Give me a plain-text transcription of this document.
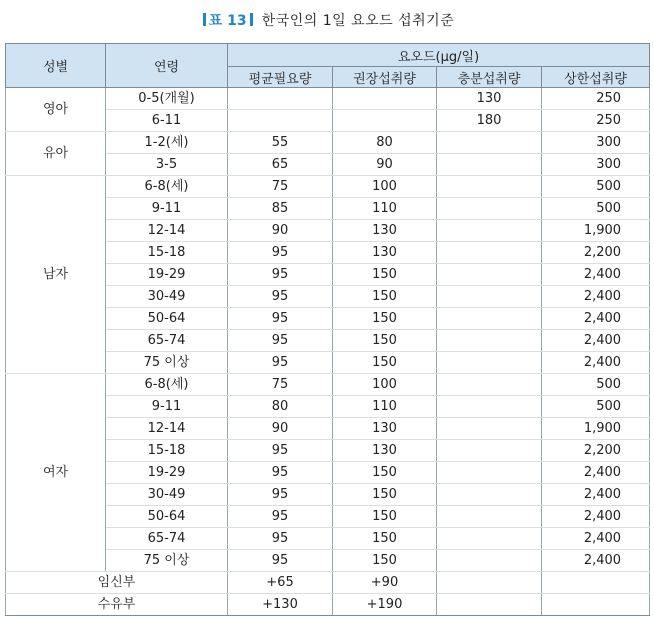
표 13 한국인의 1일 요오드 섭취기준
성별	연령	요오드(μg/일)			
		평균필요량	권장섭취량	충분섭취량	상한섭취량
영아	0-5(개월)			130	250
	6-11			180	250
유아	1-2(세)	55	80		300
	3-5	65	90		300
남자	6-8(세)	75	100		500
	9-11	85	110		500
	12-14	90	130		1,900
	15-18	95	130		2,200
	19-29	95	150		2,400
	30-49	95	150		2,400
	50-64	95	150		2,400
	65-74	95	150		2,400
	75 이상	95	150		2,400
여자	6-8(세)	75	100		500
	9-11	80	110		500
	12-14	90	130		1,900
	15-18	95	130		2,200
	19-29	95	150		2,400
	30-49	95	150		2,400
	50-64	95	150		2,400
	65-74	95	150		2,400
	75 이상	95	150		2,400
임신부		+65	+90		
수유부		+130	+190		
